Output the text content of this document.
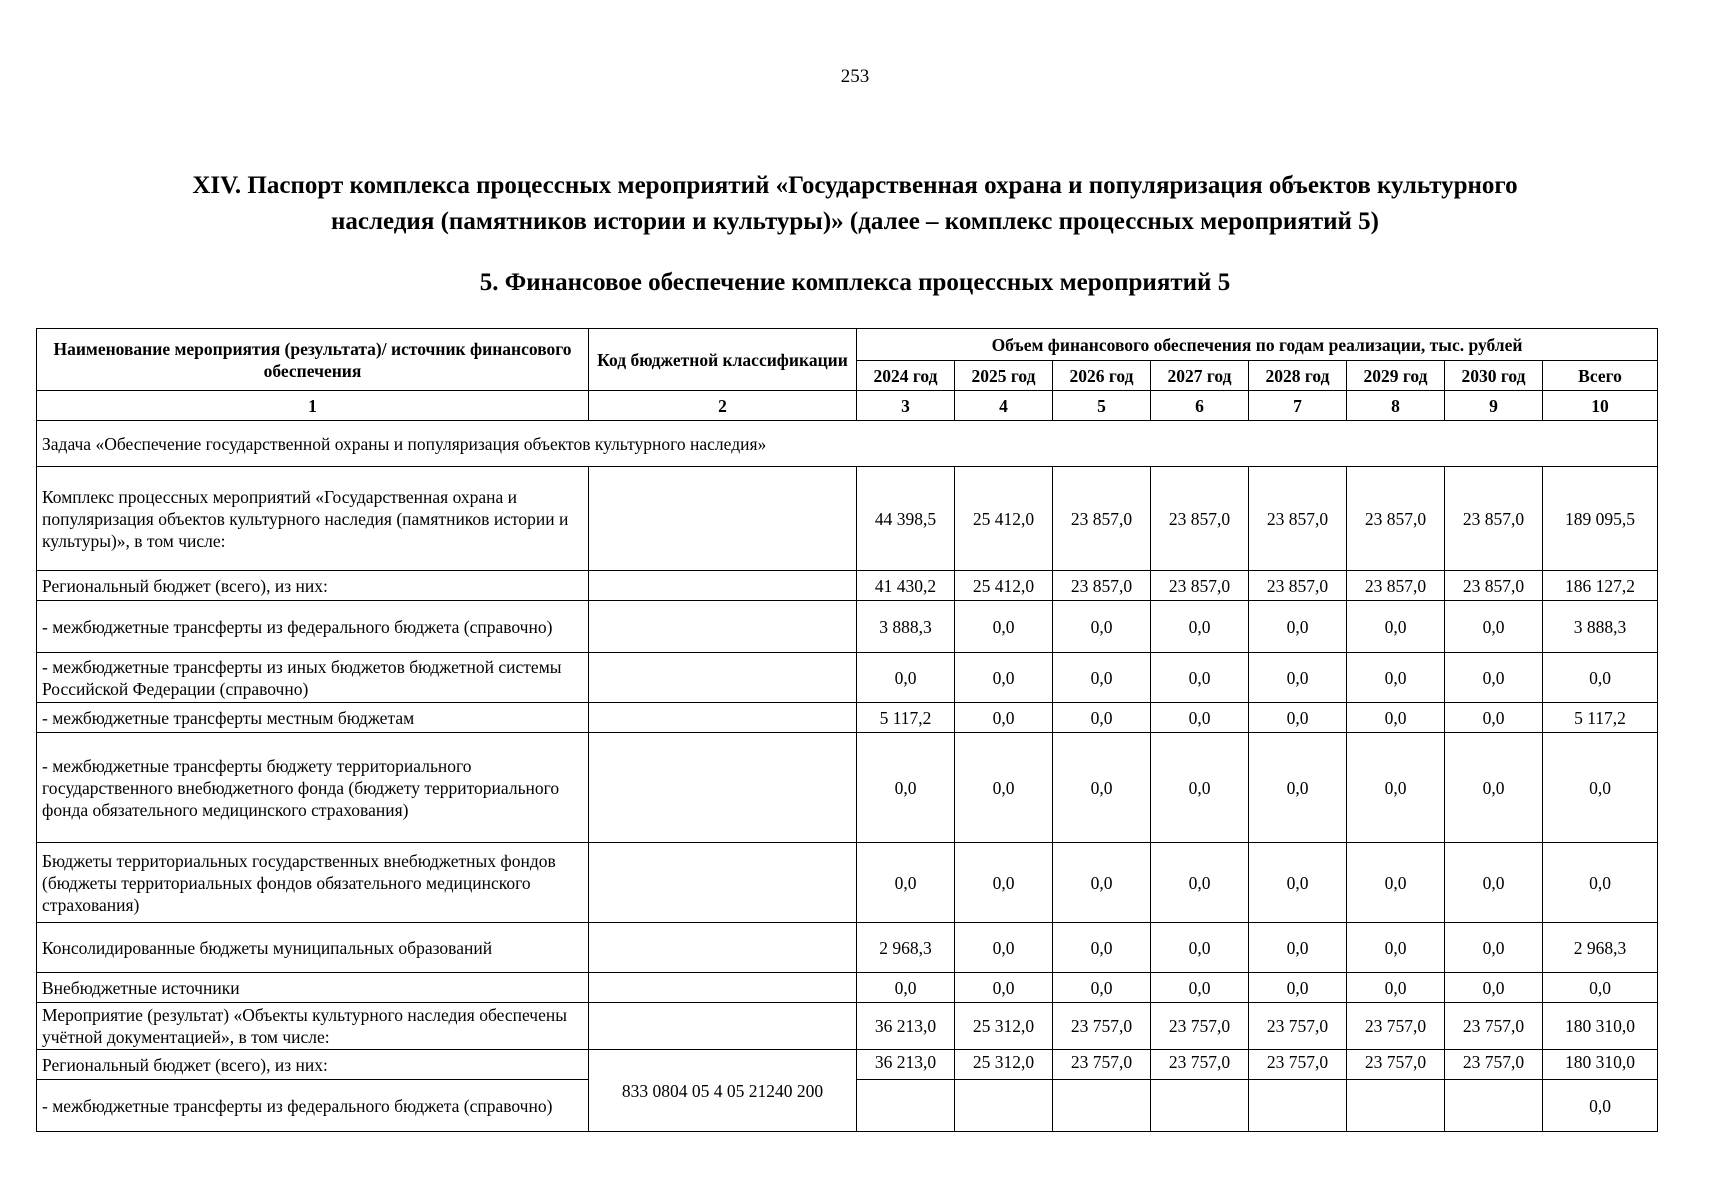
253
XIV. Паспорт комплекса процессных мероприятий «Государственная охрана и популяризация объектов культурного
наследия (памятников истории и культуры)» (далее – комплекс процессных мероприятий 5)
5. Финансовое обеспечение комплекса процессных мероприятий 5
Наименование мероприятия (результата)/ источник финансового обеспечения	Код бюджетной классификации	Объем финансового обеспечения по годам реализации, тыс. рублей							
		2024 год	2025 год	2026 год	2027 год	2028 год	2029 год	2030 год	Всего
1	2	3	4	5	6	7	8	9	10
Задача «Обеспечение государственной охраны и популяризация объектов культурного наследия»									
Комплекс процессных мероприятий «Государственная охрана и популяризация объектов культурного наследия (памятников истории и культуры)», в том числе:		44 398,5	25 412,0	23 857,0	23 857,0	23 857,0	23 857,0	23 857,0	189 095,5
Региональный бюджет (всего), из них:		41 430,2	25 412,0	23 857,0	23 857,0	23 857,0	23 857,0	23 857,0	186 127,2
- межбюджетные трансферты из федерального бюджета (справочно)		3 888,3	0,0	0,0	0,0	0,0	0,0	0,0	3 888,3
- межбюджетные трансферты из иных бюджетов бюджетной системы Российской Федерации (справочно)		0,0	0,0	0,0	0,0	0,0	0,0	0,0	0,0
- межбюджетные трансферты местным бюджетам		5 117,2	0,0	0,0	0,0	0,0	0,0	0,0	5 117,2
- межбюджетные трансферты бюджету территориального государственного внебюджетного фонда (бюджету территориального фонда обязательного медицинского страхования)		0,0	0,0	0,0	0,0	0,0	0,0	0,0	0,0
Бюджеты территориальных государственных внебюджетных фондов (бюджеты территориальных фондов обязательного медицинского страхования)		0,0	0,0	0,0	0,0	0,0	0,0	0,0	0,0
Консолидированные бюджеты муниципальных образований		2 968,3	0,0	0,0	0,0	0,0	0,0	0,0	2 968,3
Внебюджетные источники		0,0	0,0	0,0	0,0	0,0	0,0	0,0	0,0
Мероприятие (результат) «Объекты культурного наследия обеспечены учётной документацией», в том числе:		36 213,0	25 312,0	23 757,0	23 757,0	23 757,0	23 757,0	23 757,0	180 310,0
Региональный бюджет (всего), из них:	833 0804 05 4 05 21240 200	36 213,0	25 312,0	23 757,0	23 757,0	23 757,0	23 757,0	23 757,0	180 310,0
- межбюджетные трансферты из федерального бюджета (справочно)									0,0
